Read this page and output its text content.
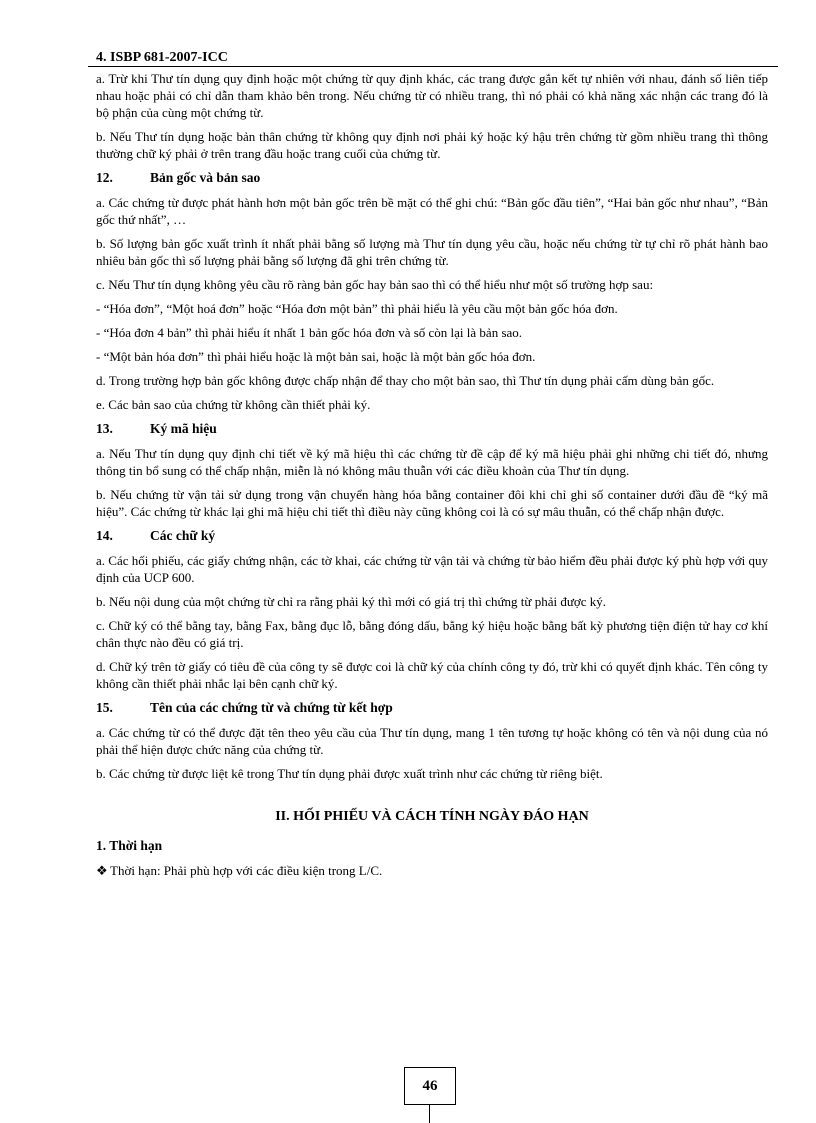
4. ISBP 681-2007-ICC

a. Trừ khi Thư tín dụng quy định hoặc một chứng từ quy định khác, các trang được gắn kết tự nhiên với nhau, đánh số liên tiếp nhau hoặc phải có chỉ dẫn tham khảo bên trong. Nếu chứng từ có nhiều trang, thì nó phải có khả năng xác nhận các trang đó là bộ phận của cùng một chứng từ.

b. Nếu Thư tín dụng hoặc bản thân chứng từ không quy định nơi phải ký hoặc ký hậu trên chứng từ gồm nhiều trang thì thông thường chữ ký phải ở trên trang đầu hoặc trang cuối của chứng từ.

12.	Bản gốc và bản sao

a. Các chứng từ được phát hành hơn một bản gốc trên bề mặt có thể ghi chú: “Bản gốc đầu tiên”, “Hai bản gốc như nhau”, “Bản gốc thứ nhất”, …

b. Số lượng bản gốc xuất trình ít nhất phải bằng số lượng mà Thư tín dụng yêu cầu, hoặc nếu chứng từ tự chỉ rõ phát hành bao nhiêu bản gốc thì số lượng phải bằng số lượng đã ghi trên chứng từ.

c. Nếu Thư tín dụng không yêu cầu rõ ràng bản gốc hay bản sao thì có thể hiểu như một số trường hợp sau:

- “Hóa đơn”, “Một hoá đơn” hoặc “Hóa đơn một bản” thì phải hiểu là yêu cầu một bản gốc hóa đơn.

- “Hóa đơn 4 bản” thì phải hiểu ít nhất 1 bản gốc hóa đơn và số còn lại là bản sao.

- “Một bản hóa đơn” thì phải hiểu hoặc là một bản sai, hoặc là một bản gốc hóa đơn.

d. Trong trường hợp bản gốc không được chấp nhận để thay cho một bản sao, thì Thư tín dụng phải cấm dùng bản gốc.

e. Các bản sao của chứng từ không cần thiết phải ký.

13.	Ký mã hiệu

a. Nếu Thư tín dụng quy định chi tiết về ký mã hiệu thì các chứng từ đề cập để ký mã hiệu phải ghi những chi tiết đó, nhưng thông tin bổ sung có thể chấp nhận, miễn là nó không mâu thuẫn với các điều khoản của Thư tín dụng.

b. Nếu chứng từ vận tải sử dụng trong vận chuyển hàng hóa bằng container đôi khi chỉ ghi số container dưới đầu đề “ký mã hiệu”. Các chứng từ khác lại ghi mã hiệu chi tiết thì điều này cũng không coi là có sự mâu thuẫn, có thể chấp nhận được.

14.	Các chữ ký

a. Các hối phiếu, các giấy chứng nhận, các tờ khai, các chứng từ vận tải và chứng từ bảo hiểm đều phải được ký phù hợp với quy định của UCP 600.

b. Nếu nội dung của một chứng từ chỉ ra rằng phải ký thì mới có giá trị thì chứng từ phải được ký.

c. Chữ ký có thể bằng tay, bằng Fax, bằng đục lỗ, bằng đóng dấu, bằng ký hiệu hoặc bằng bất kỳ phương tiện điện tử hay cơ khí chân thực nào đều có giá trị.

d. Chữ ký trên tờ giấy có tiêu đề của công ty sẽ được coi là chữ ký của chính công ty đó, trừ khi có quyết định khác. Tên công ty không cần thiết phải nhắc lại bên cạnh chữ ký.

15.	Tên của các chứng từ và chứng từ kết hợp

a. Các chứng từ có thể được đặt tên theo yêu cầu của Thư tín dụng, mang 1 tên tương tự hoặc không có tên và nội dung của nó phải thể hiện được chức năng của chứng từ.

b. Các chứng từ được liệt kê trong Thư tín dụng phải được xuất trình như các chứng từ riêng biệt.

II. HỐI PHIẾU VÀ CÁCH TÍNH NGÀY ĐÁO HẠN
1. Thời hạn

❖ Thời hạn: Phải phù hợp với các điều kiện trong L/C.

46
